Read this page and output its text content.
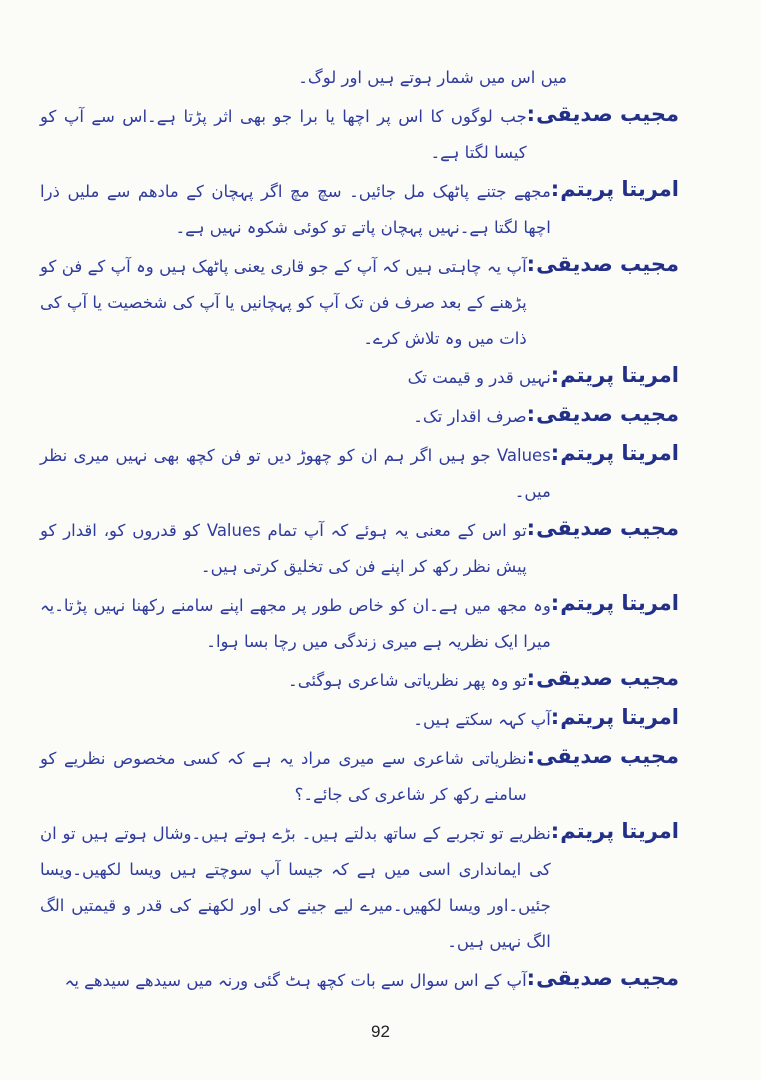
میں اس میں شمار ہوتے ہیں اور لوگ۔
مجیب صدیقی :
جب لوگوں کا اس پر اچھا یا برا جو بھی اثر پڑتا ہے۔اس سے آپ کو کیسا لگتا ہے۔
امریتا پریتم :
مجھے جتنے پاٹھک مل جائیں۔ سچ مچ اگر پہچان کے مادھم سے ملیں ذرا اچھا لگتا ہے۔نہیں پہچان پاتے تو کوئی شکوہ نہیں ہے۔
مجیب صدیقی :
آپ یہ چاہتی ہیں کہ آپ کے جو قاری یعنی پاٹھک ہیں وہ آپ کے فن کو پڑھنے کے بعد صرف فن تک آپ کو پہچانیں یا آپ کی شخصیت یا آپ کی ذات میں وہ تلاش کرے۔
امریتا پریتم :
نہیں قدر و قیمت تک
مجیب صدیقی :
صرف اقدار تک۔
امریتا پریتم :
Values جو ہیں اگر ہم ان کو چھوڑ دیں تو فن کچھ بھی نہیں میری نظر میں۔
مجیب صدیقی :
تو اس کے معنی یہ ہوئے کہ آپ تمام Values کو قدروں کو، اقدار کو پیش نظر رکھ کر اپنے فن کی تخلیق کرتی ہیں۔
امریتا پریتم :
وہ مجھ میں ہے۔ان کو خاص طور پر مجھے اپنے سامنے رکھنا نہیں پڑتا۔یہ میرا ایک نظریہ ہے میری زندگی میں رچا بسا ہوا۔
مجیب صدیقی :
تو وہ پھر نظریاتی شاعری ہوگئی۔
امریتا پریتم :
آپ کہہ سکتے ہیں۔
مجیب صدیقی :
نظریاتی شاعری سے میری مراد یہ ہے کہ کسی مخصوص نظریے کو سامنے رکھ کر شاعری کی جائے۔؟
امریتا پریتم :
نظریے تو تجربے کے ساتھ بدلتے ہیں۔ بڑے ہوتے ہیں۔وشال ہوتے ہیں تو ان کی ایمانداری اسی میں ہے کہ جیسا آپ سوچتے ہیں ویسا لکھیں۔ویسا جئیں۔اور ویسا لکھیں۔میرے لیے جینے کی اور لکھنے کی قدر و قیمتیں الگ الگ نہیں ہیں۔
مجیب صدیقی :
آپ کے اس سوال سے بات کچھ ہٹ گئی ورنہ میں سیدھے سیدھے یہ
92
